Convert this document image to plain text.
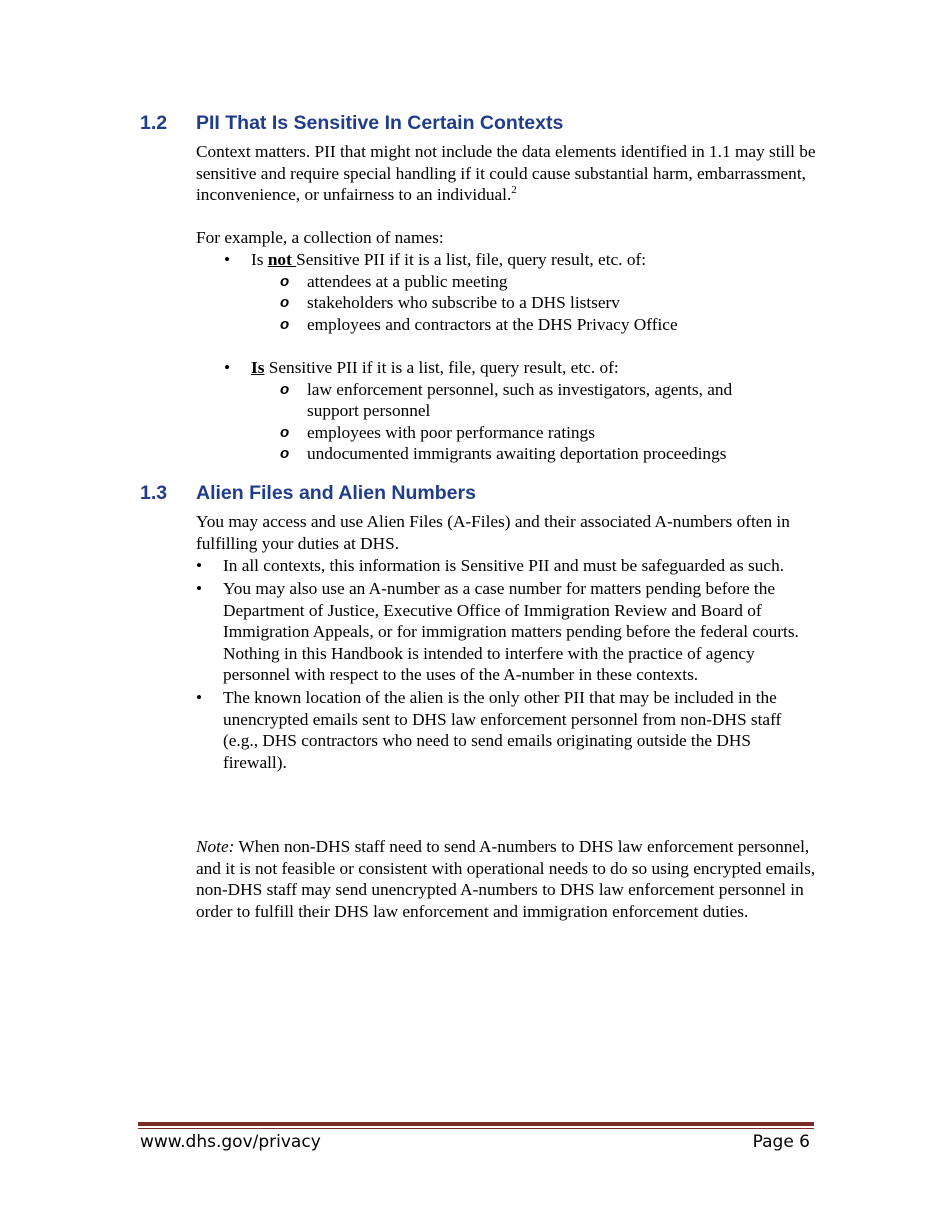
1.2 PII That Is Sensitive In Certain Contexts

Context matters. PII that might not include the data elements identified in 1.1 may still be sensitive and require special handling if it could cause substantial harm, embarrassment, inconvenience, or unfairness to an individual.$^2$

For example, a collection of names:

• Is not Sensitive PII if it is a list, file, query result, etc. of:
o attendees at a public meeting
o stakeholders who subscribe to a DHS listserv
o employees and contractors at the DHS Privacy Office
• Is Sensitive PII if it is a list, file, query result, etc. of:
o law enforcement personnel, such as investigators, agents, and support personnel
o employees with poor performance ratings
o undocumented immigrants awaiting deportation proceedings
1.3 Alien Files and Alien Numbers

You may access and use Alien Files (A-Files) and their associated A-numbers often in fulfilling your duties at DHS.

• In all contexts, this information is Sensitive PII and must be safeguarded as such.
• You may also use an A-number as a case number for matters pending before the Department of Justice, Executive Office of Immigration Review and Board of Immigration Appeals, or for immigration matters pending before the federal courts. Nothing in this Handbook is intended to interfere with the practice of agency personnel with respect to the uses of the A-number in these contexts.
• The known location of the alien is the only other PII that may be included in the unencrypted emails sent to DHS law enforcement personnel from non-DHS staff (e.g., DHS contractors who need to send emails originating outside the DHS firewall).

Note: When non-DHS staff need to send A-numbers to DHS law enforcement personnel, and it is not feasible or consistent with operational needs to do so using encrypted emails, non-DHS staff may send unencrypted A-numbers to DHS law enforcement personnel in order to fulfill their DHS law enforcement and immigration enforcement duties.

www.dhs.gov/privacy	Page 6
